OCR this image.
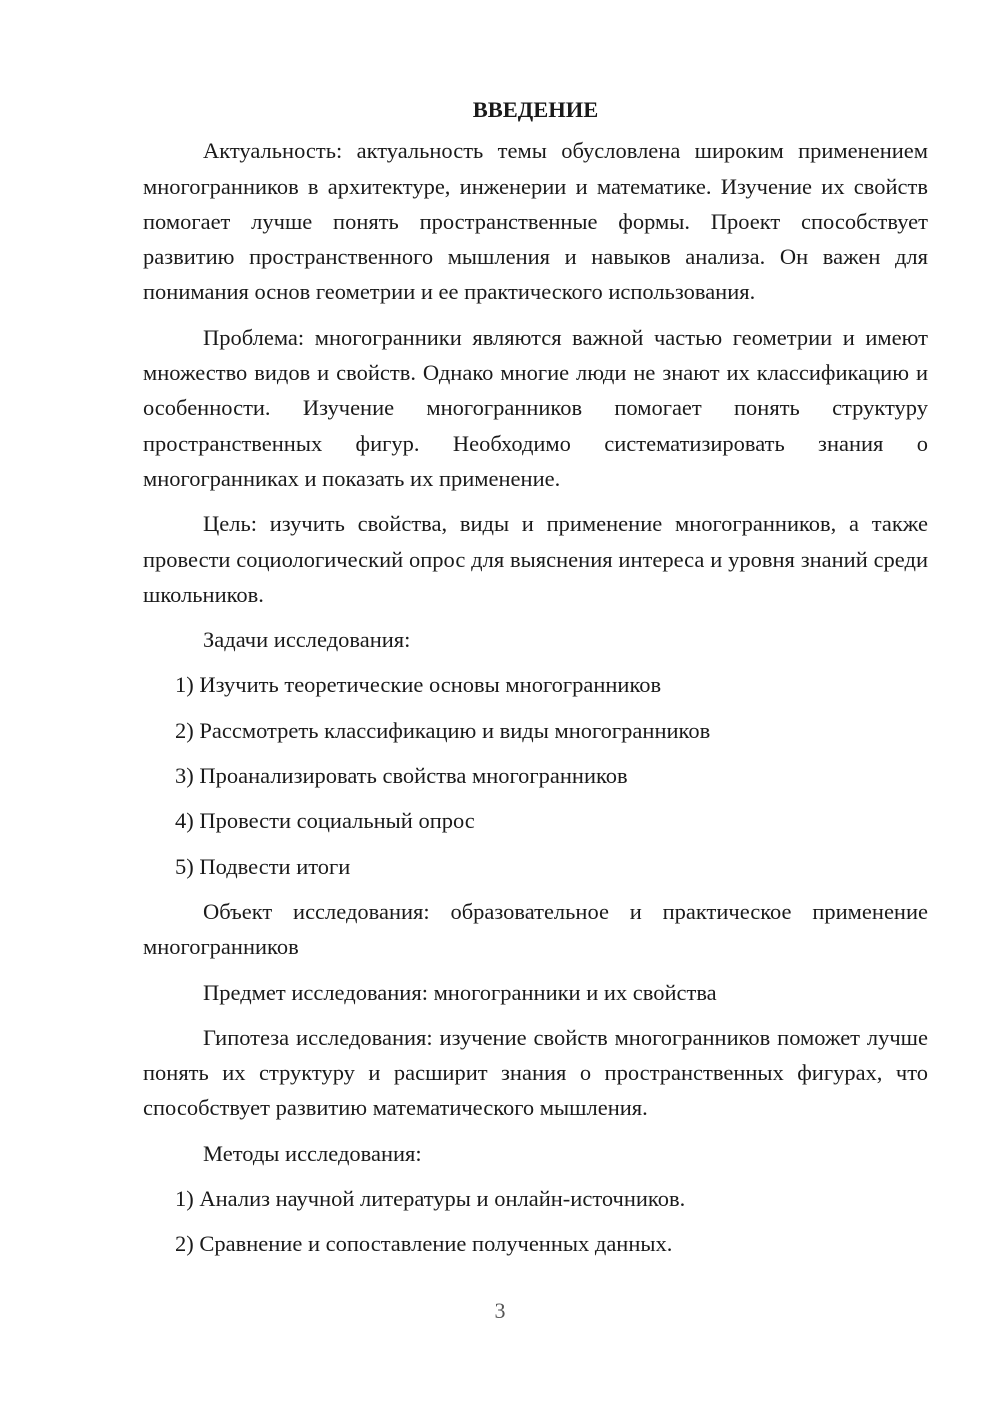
ВВЕДЕНИЕ

Актуальность: актуальность темы обусловлена широким применением многогранников в архитектуре, инженерии и математике. Изучение их свойств помогает лучше понять пространственные формы. Проект способствует развитию пространственного мышления и навыков анализа. Он важен для понимания основ геометрии и ее практического использования.

Проблема: многогранники являются важной частью геометрии и имеют множество видов и свойств. Однако многие люди не знают их классификацию и особенности. Изучение многогранников помогает понять структуру пространственных фигур. Необходимо систематизировать знания о многогранниках и показать их применение.

Цель: изучить свойства, виды и применение многогранников, а также провести социологический опрос для выяснения интереса и уровня знаний среди школьников.

Задачи исследования:

1) Изучить теоретические основы многогранников
2) Рассмотреть классификацию и виды многогранников
3) Проанализировать свойства многогранников
4) Провести социальный опрос
5) Подвести итоги

Объект исследования: образовательное и практическое применение многогранников

Предмет исследования: многогранники и их свойства

Гипотеза исследования: изучение свойств многогранников поможет лучше понять их структуру и расширит знания о пространственных фигурах, что способствует развитию математического мышления.

Методы исследования:

1) Анализ научной литературы и онлайн-источников.
2) Сравнение и сопоставление полученных данных.
3
